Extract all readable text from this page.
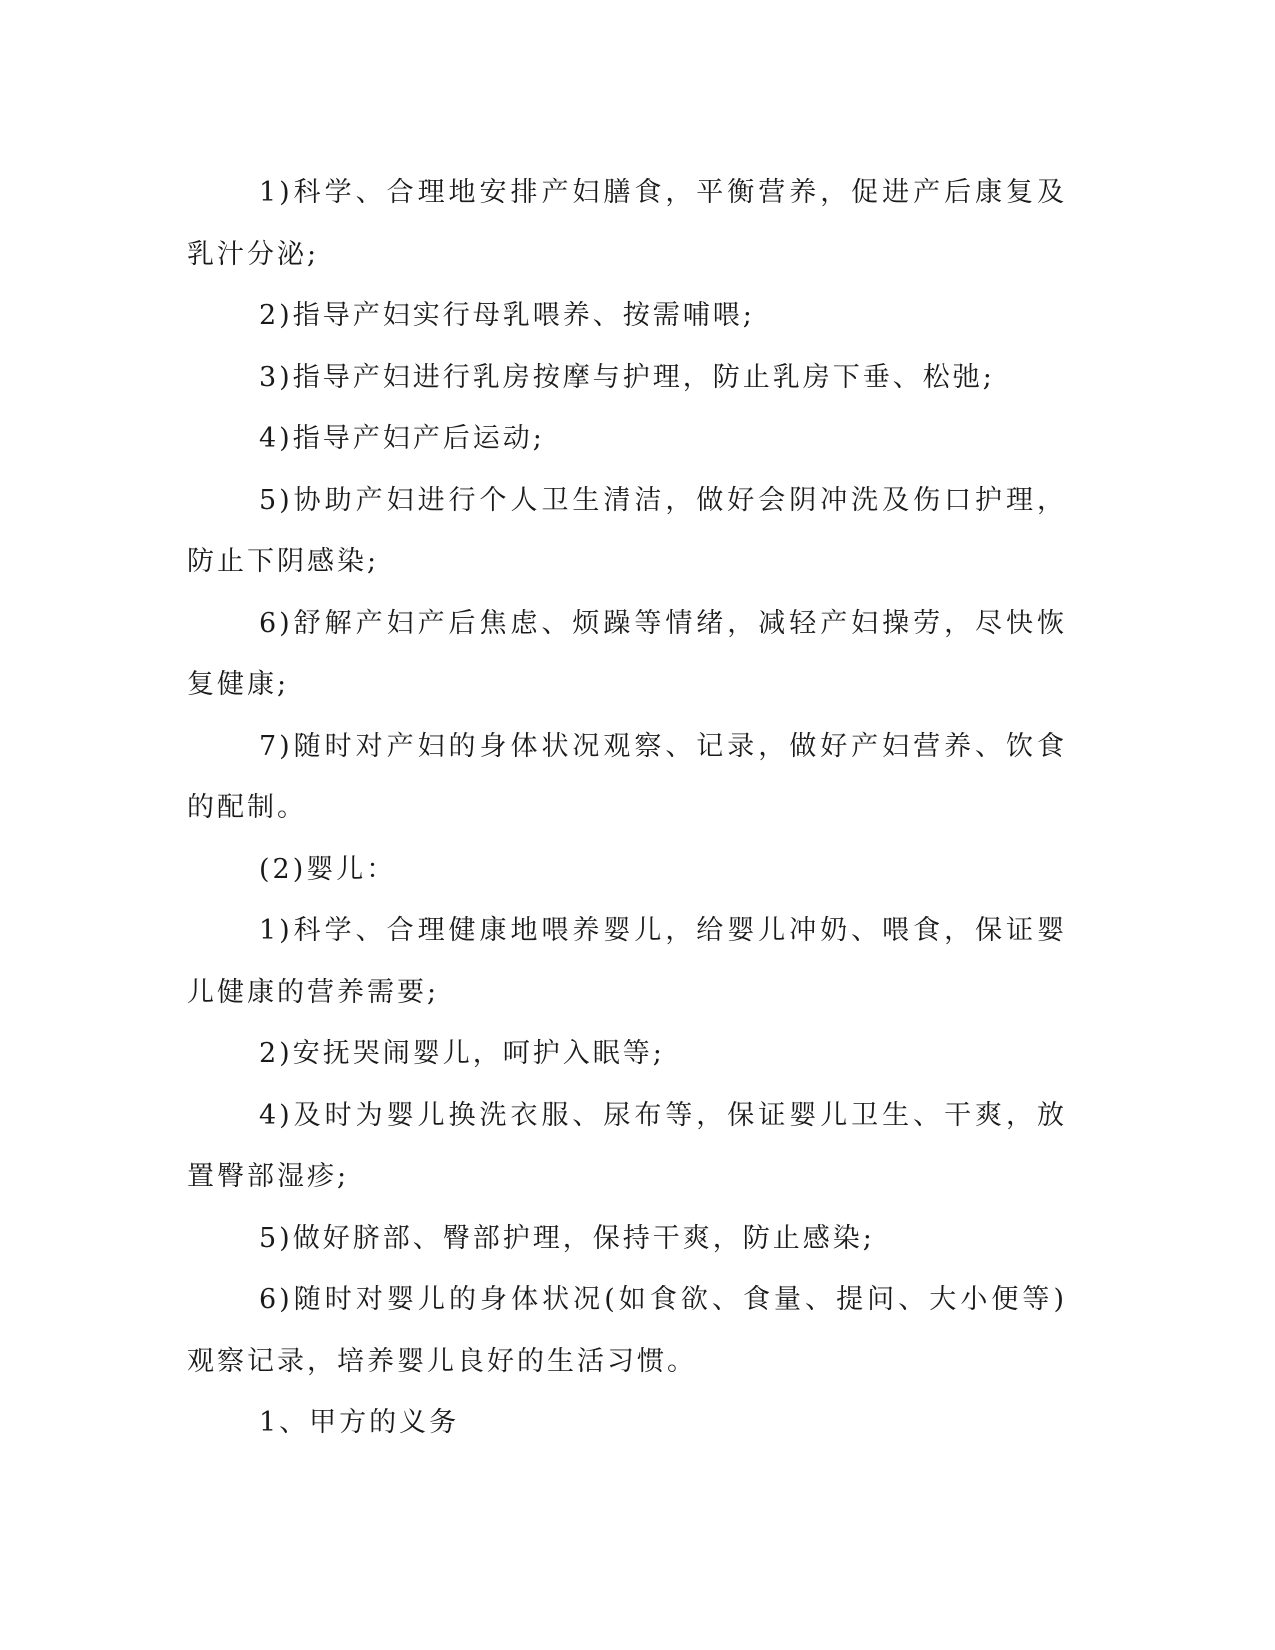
1)科学、合理地安排产妇膳食，平衡营养，促进产后康复及乳汁分泌;

2)指导产妇实行母乳喂养、按需哺喂;

3)指导产妇进行乳房按摩与护理，防止乳房下垂、松弛;

4)指导产妇产后运动;

5)协助产妇进行个人卫生清洁，做好会阴冲洗及伤口护理，防止下阴感染;

6)舒解产妇产后焦虑、烦躁等情绪，减轻产妇操劳，尽快恢复健康;

7)随时对产妇的身体状况观察、记录，做好产妇营养、饮食的配制。

(2)婴儿：

1)科学、合理健康地喂养婴儿，给婴儿冲奶、喂食，保证婴儿健康的营养需要;

2)安抚哭闹婴儿，呵护入眠等;

4)及时为婴儿换洗衣服、尿布等，保证婴儿卫生、干爽，放置臀部湿疹;

5)做好脐部、臀部护理，保持干爽，防止感染;

6)随时对婴儿的身体状况(如食欲、食量、提问、大小便等)观察记录，培养婴儿良好的生活习惯。

1、甲方的义务
